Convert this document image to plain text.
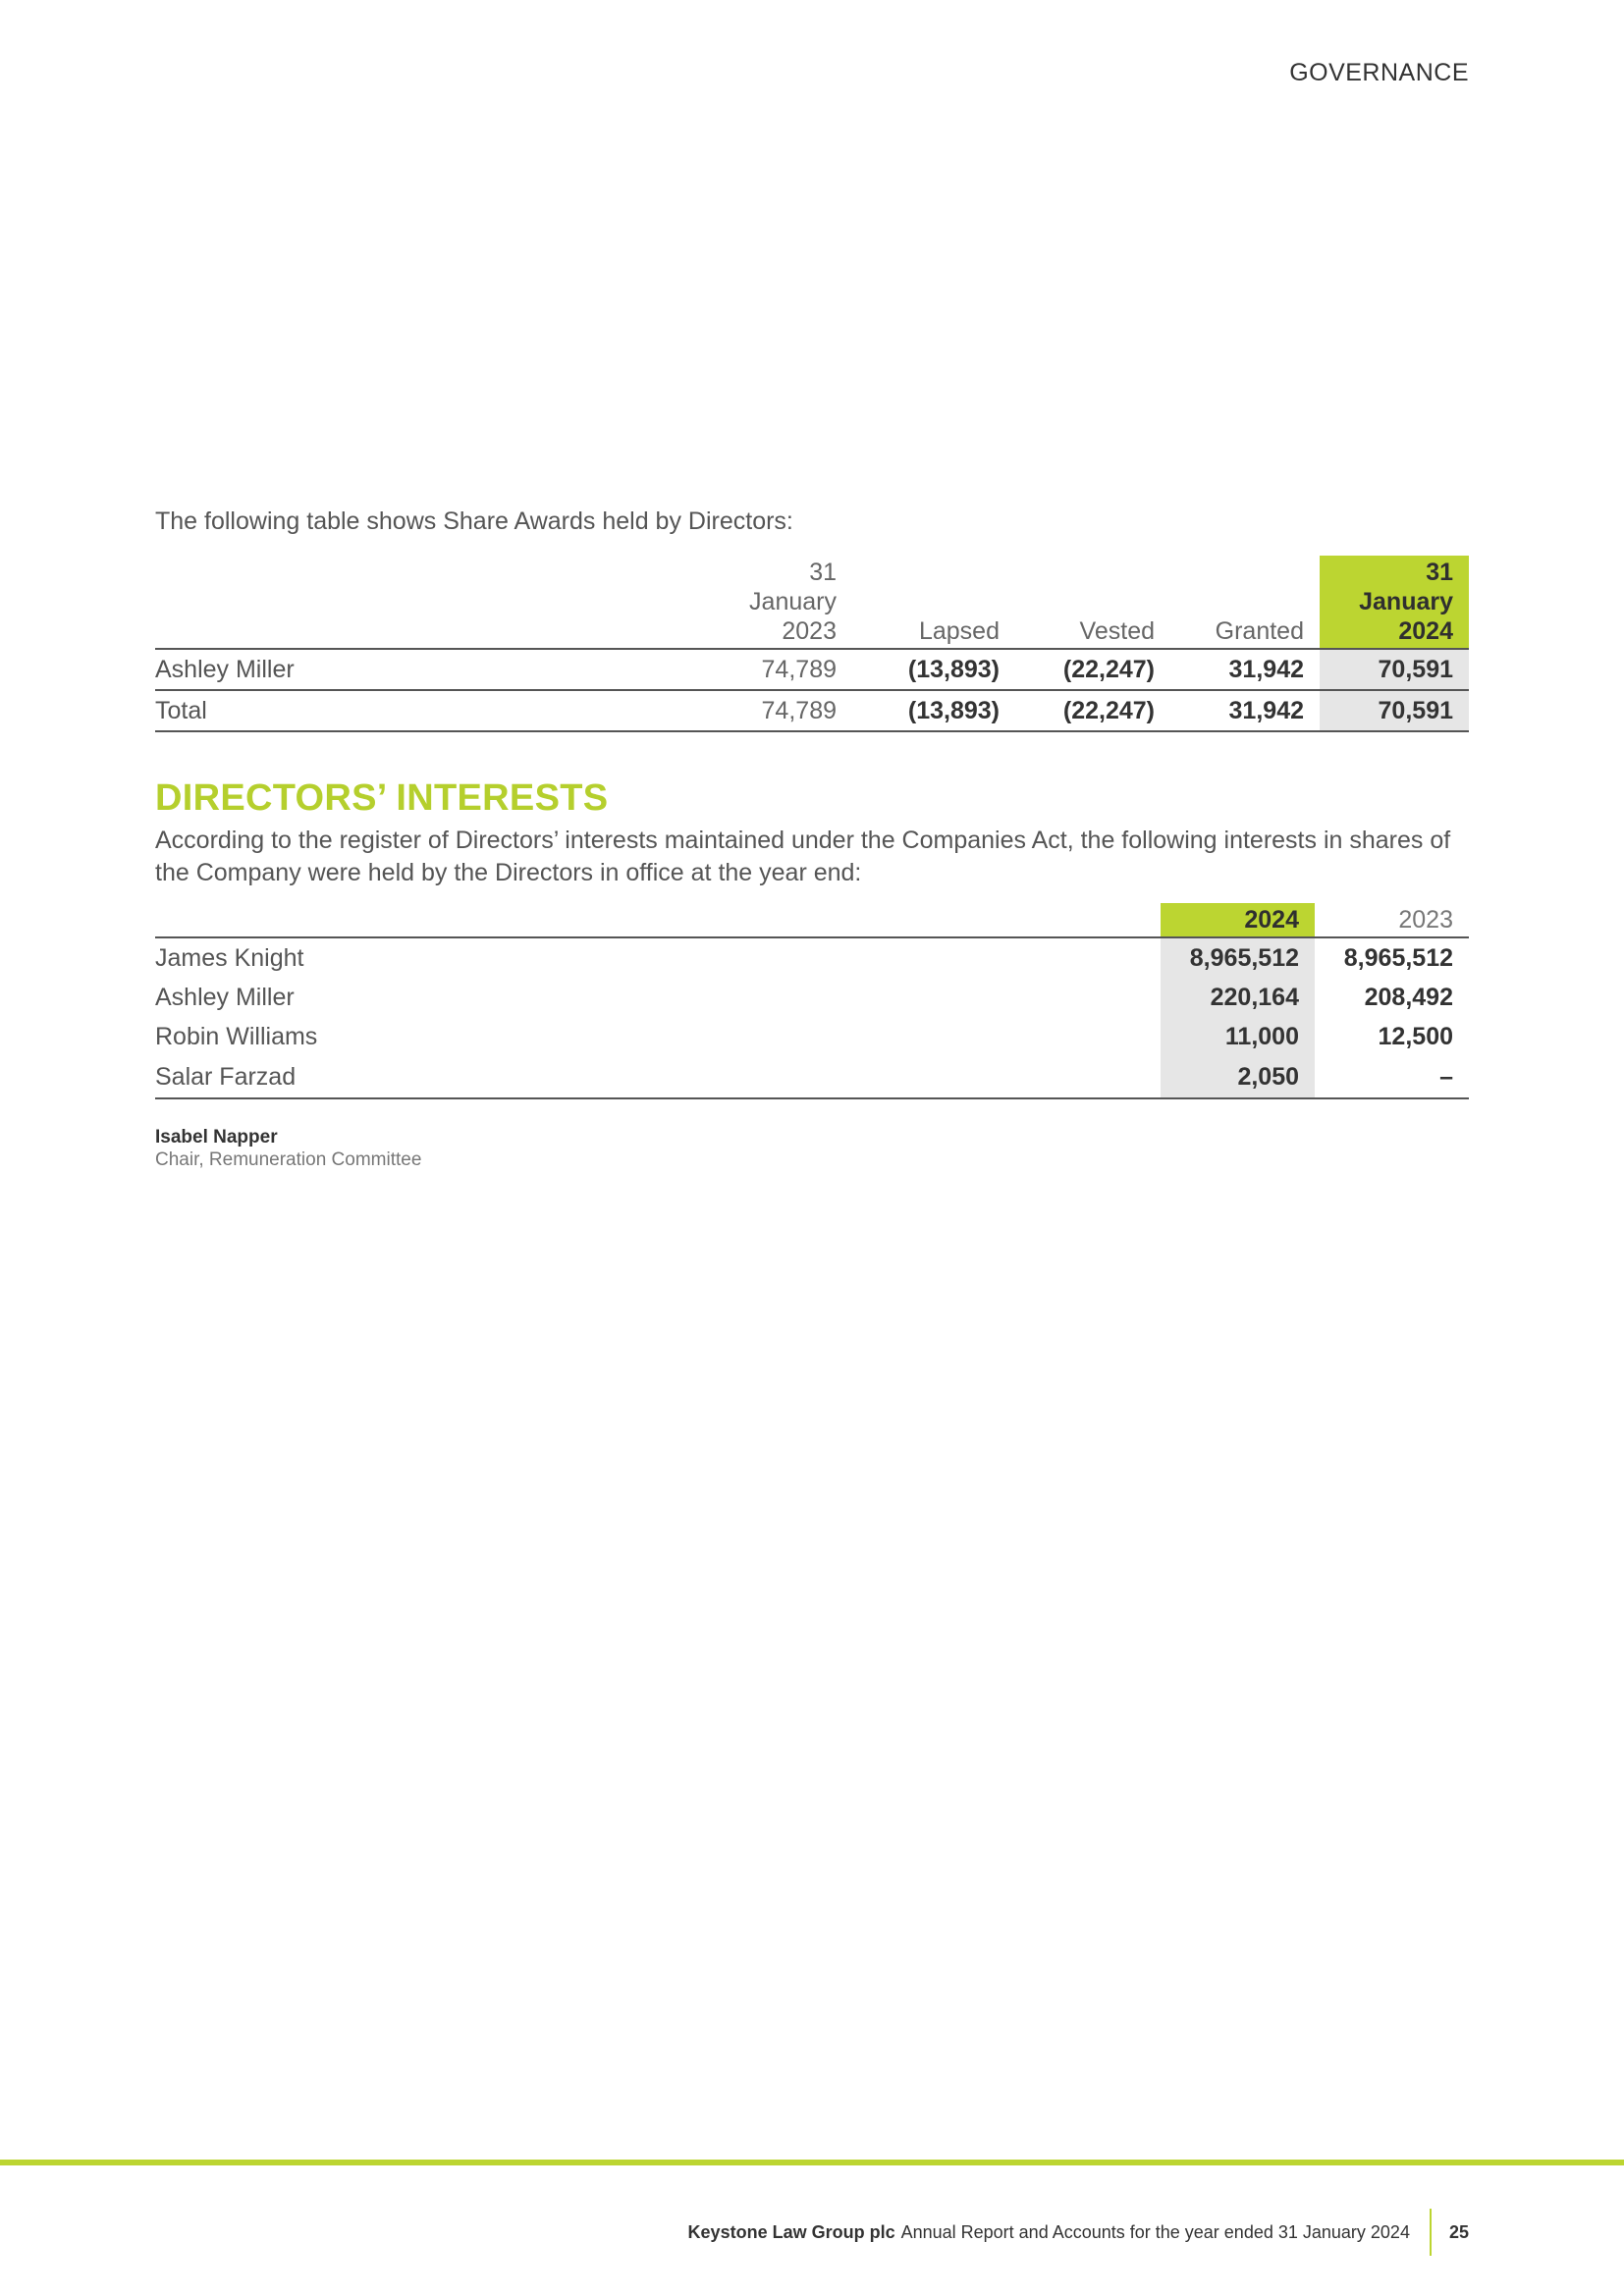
GOVERNANCE

The following table shows Share Awards held by Directors:

	31 January 2023	Lapsed	Vested	Granted	31 January 2024
Ashley Miller	74,789	(13,893)	(22,247)	31,942	70,591
Total	74,789	(13,893)	(22,247)	31,942	70,591
DIRECTORS’ INTERESTS

According to the register of Directors’ interests maintained under the Companies Act, the following interests in shares of the Company were held by the Directors in office at the year end:

	2024	2023
James Knight	8,965,512	8,965,512
Ashley Miller	220,164	208,492
Robin Williams	11,000	12,500
Salar Farzad	2,050	–
Isabel Napper
Chair, Remuneration Committee
Keystone Law Group plc Annual Report and Accounts for the year ended 31 January 2024 25
